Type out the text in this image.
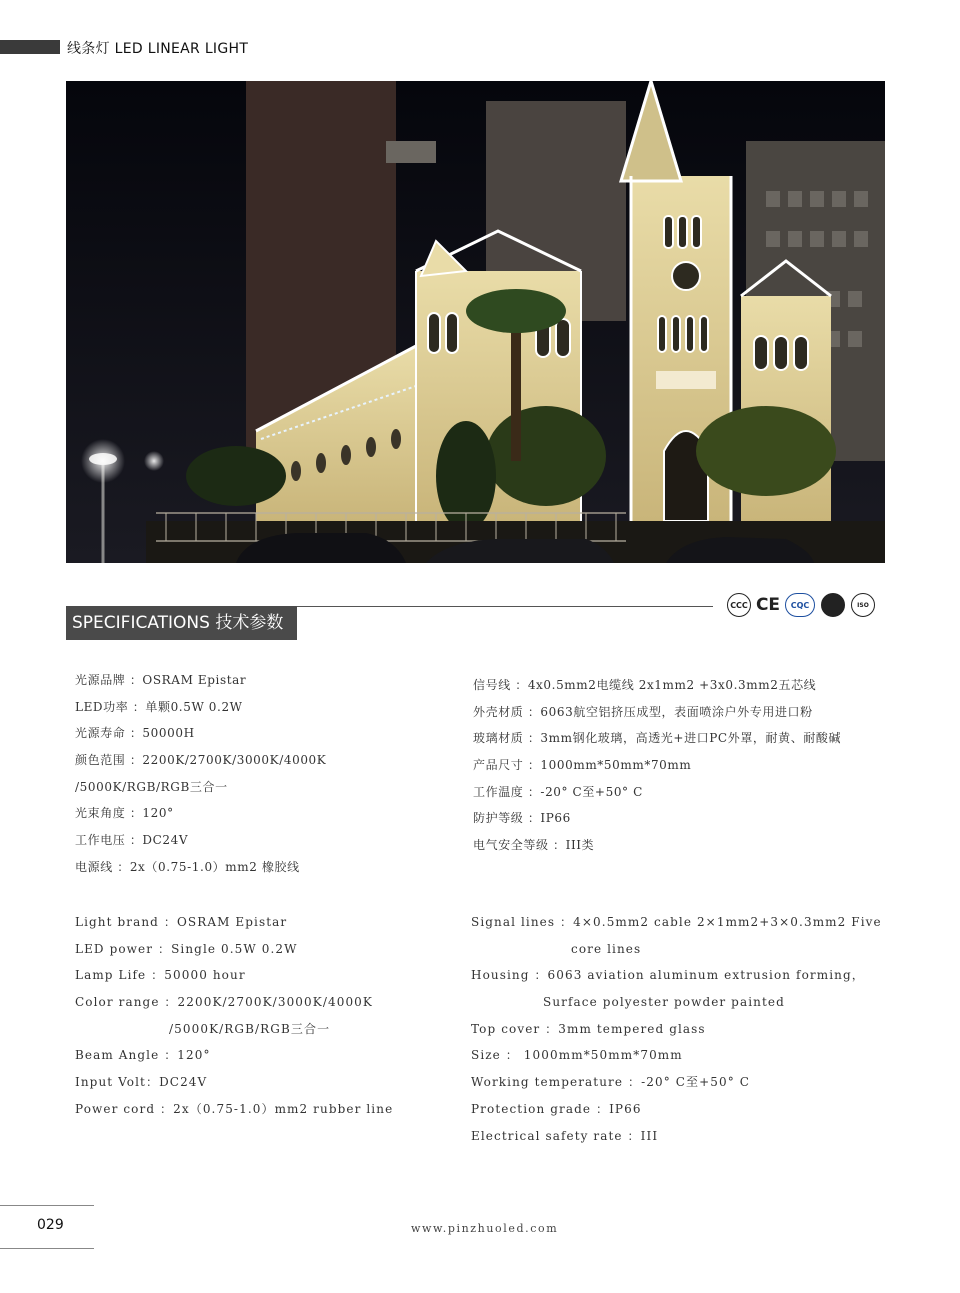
线条灯 LED LINEAR LIGHT
SPECIFICATIONS 技术参数
CCC CE	CQC	ISO
光源品牌 ：OSRAM Epistar
LED功率 ：单颗0.5W 0.2W
光源寿命 ：50000H
颜色范围 ：2200K/2700K/3000K/4000K
/5000K/RGB/RGB三合一
光束角度 ：120°
工作电压 ：DC24V
电源线 ：2x（0.75-1.0）mm2 橡胶线
信号线 ：4x0.5mm2电缆线 2x1mm2 +3x0.3mm2五芯线
外壳材质 ：6063航空铝挤压成型，表面喷涂户外专用进口粉
玻璃材质 ：3mm钢化玻璃，高透光+进口PC外罩，耐黄、耐酸碱
产品尺寸 ：1000mm*50mm*70mm
工作温度 ：-20° C至+50° C
防护等级 ：IP66
电气安全等级 ：III类
Light brand ：OSRAM Epistar
LED power ：Single 0.5W 0.2W
Lamp Life ：50000 hour
Color range ：2200K/2700K/3000K/4000K
/5000K/RGB/RGB三合一
Beam Angle ：120°
Input Volt：DC24V
Power cord ：2x（0.75-1.0）mm2 rubber line
Signal lines ：4×0.5mm2 cable 2×1mm2+3×0.3mm2 Five
core lines
Housing ：6063 aviation aluminum extrusion forming，
Surface polyester powder painted
Top cover ：3mm tempered glass
Size ： 1000mm*50mm*70mm
Working temperature ：-20° C至+50° C
Protection grade ：IP66
Electrical safety rate ：III
029	www.pinzhuoled.com
